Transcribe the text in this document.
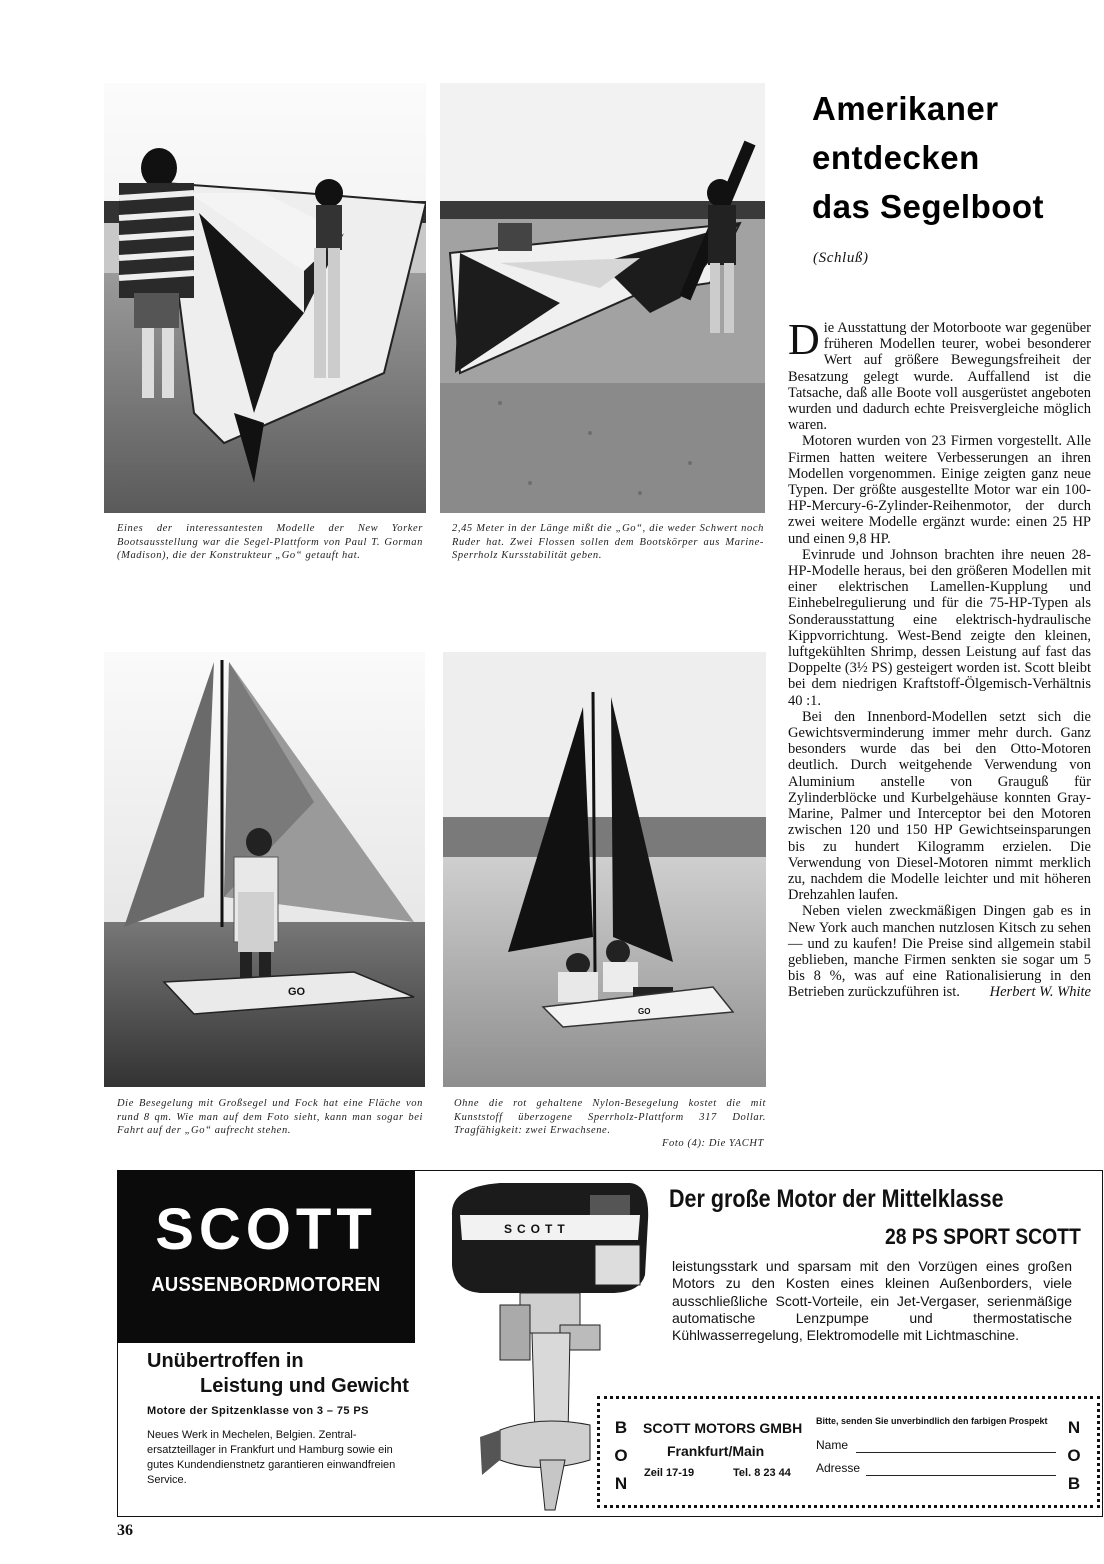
Eines der interessantesten Modelle der New Yorker Bootsausstellung war die Segel-Plattform von Paul T. Gorman (Madison), die der Konstrukteur „Go“ getauft hat.
2,45 Meter in der Länge mißt die „Go“, die weder Schwert noch Ruder hat. Zwei Flossen sollen dem Bootskörper aus Marine-Sperrholz Kursstabilität geben.
GO
GO
Die Besegelung mit Großsegel und Fock hat eine Fläche von rund 8 qm. Wie man auf dem Foto sieht, kann man sogar bei Fahrt auf der „Go“ aufrecht stehen.
Ohne die rot gehaltene Nylon-Besegelung kostet die mit Kunststoff überzogene Sperrholz-Plattform 317 Dollar. Tragfähigkeit: zwei Erwachsene.
Foto (4): Die YACHT
Amerikaner
entdecken
das Segelboot
(Schluß)

Die Ausstattung der Motorboote war gegenüber früheren Modellen teurer, wobei besonderer Wert auf größere Bewegungsfreiheit der Besatzung gelegt wurde. Auffallend ist die Tatsache, daß alle Boote voll ausgerüstet angeboten wurden und dadurch echte Preisvergleiche möglich waren.

Motoren wurden von 23 Firmen vorgestellt. Alle Firmen hatten weitere Verbesserungen an ihren Modellen vorgenommen. Einige zeigten ganz neue Typen. Der größte ausgestellte Motor war ein 100-HP-Mercury-6-Zylinder-Reihenmotor, der durch zwei weitere Modelle ergänzt wurde: einen 25 HP und einen 9,8 HP.

Evinrude und Johnson brachten ihre neuen 28-HP-Modelle heraus, bei den größeren Modellen mit einer elektrischen Lamellen-Kupplung und Einhebelregulierung und für die 75-HP-Typen als Sonderausstattung eine elektrisch-hydraulische Kippvorrichtung. West-Bend zeigte den kleinen, luftgekühlten Shrimp, dessen Leistung auf fast das Doppelte (3½ PS) gesteigert worden ist. Scott bleibt bei dem niedrigen Kraftstoff-Ölgemisch-Verhältnis 40 :1.

Bei den Innenbord-Modellen setzt sich die Gewichtsverminderung immer mehr durch. Ganz besonders wurde das bei den Otto-Motoren deutlich. Durch weitgehende Verwendung von Aluminium anstelle von Grauguß für Zylinderblöcke und Kurbelgehäuse konnten Gray-Marine, Palmer und Interceptor bei den Motoren zwischen 120 und 150 HP Gewichtseinsparungen bis zu hundert Kilogramm erzielen. Die Verwendung von Diesel-Motoren nimmt merklich zu, nachdem die Modelle leichter und mit höheren Drehzahlen laufen.

Neben vielen zweckmäßigen Dingen gab es in New York auch manchen nutzlosen Kitsch zu sehen — und zu kaufen! Die Preise sind allgemein stabil geblieben, manche Firmen senkten sie sogar um 5 bis 8 %, was auf eine Rationalisierung in den Betrieben zurückzuführen ist.	Herbert W. White

SCOTT
AUSSENBORDMOTOREN
Unübertroffen in
Leistung und Gewicht
Motore der Spitzenklasse von 3 – 75 PS
Neues Werk in Mechelen, Belgien. Zentral-ersatzteillager in Frankfurt und Hamburg sowie ein gutes Kundendienstnetz garantieren einwandfreien Service.
SCOTT
Der große Motor der Mittelklasse
28 PS SPORT SCOTT
leistungsstark und sparsam mit den Vorzügen eines großen Motors zu den Kosten eines kleinen Außenborders, viele ausschließliche Scott-Vorteile, ein Jet-Vergaser, serienmäßige automatische Lenzpumpe und thermostatische Kühlwasserregelung, Elektromodelle mit Lichtmaschine.
B
O
N
N
O
B
SCOTT MOTORS GMBH
Frankfurt/Main
Zeil 17-19	Tel. 8 23 44
Bitte, senden Sie unverbindlich den farbigen Prospekt
Name
Adresse
36
